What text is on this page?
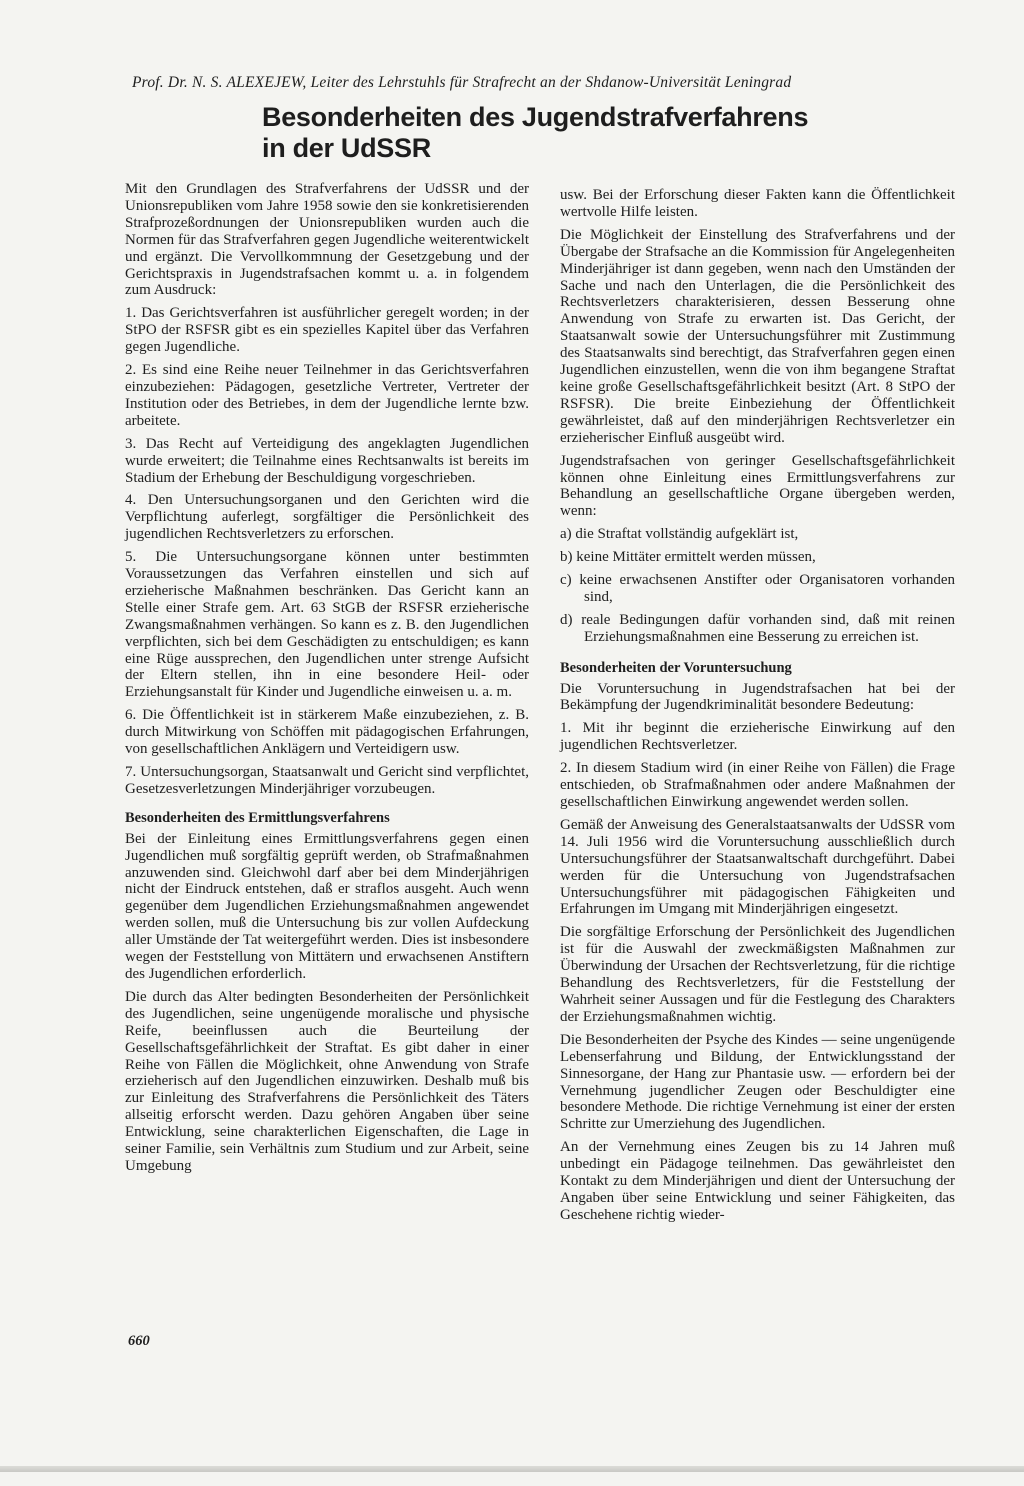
Prof. Dr. N. S. ALEXEJEW, Leiter des Lehrstuhls für Strafrecht an der Shdanow-Universität Leningrad
Besonderheiten des Jugendstrafverfahrens
in der UdSSR

Mit den Grundlagen des Strafverfahrens der UdSSR und der Unionsrepubliken vom Jahre 1958 sowie den sie konkretisierenden Strafprozeßordnungen der Unionsrepubliken wurden auch die Normen für das Strafverfahren gegen Jugendliche weiterentwickelt und ergänzt. Die Vervollkommnung der Gesetzgebung und der Gerichtspraxis in Jugendstrafsachen kommt u. a. in folgendem zum Ausdruck:

1. Das Gerichtsverfahren ist ausführlicher geregelt worden; in der StPO der RSFSR gibt es ein spezielles Kapitel über das Verfahren gegen Jugendliche.

2. Es sind eine Reihe neuer Teilnehmer in das Gerichtsverfahren einzubeziehen: Pädagogen, gesetzliche Vertreter, Vertreter der Institution oder des Betriebes, in dem der Jugendliche lernte bzw. arbeitete.

3. Das Recht auf Verteidigung des angeklagten Jugendlichen wurde erweitert; die Teilnahme eines Rechtsanwalts ist bereits im Stadium der Erhebung der Beschuldigung vorgeschrieben.

4. Den Untersuchungsorganen und den Gerichten wird die Verpflichtung auferlegt, sorgfältiger die Persönlichkeit des jugendlichen Rechtsverletzers zu erforschen.

5. Die Untersuchungsorgane können unter bestimmten Voraussetzungen das Verfahren einstellen und sich auf erzieherische Maßnahmen beschränken. Das Gericht kann an Stelle einer Strafe gem. Art. 63 StGB der RSFSR erzieherische Zwangsmaßnahmen verhängen. So kann es z. B. den Jugendlichen verpflichten, sich bei dem Geschädigten zu entschuldigen; es kann eine Rüge aussprechen, den Jugendlichen unter strenge Aufsicht der Eltern stellen, ihn in eine besondere Heil- oder Erziehungsanstalt für Kinder und Jugendliche einweisen u. a. m.

6. Die Öffentlichkeit ist in stärkerem Maße einzubeziehen, z. B. durch Mitwirkung von Schöffen mit pädagogischen Erfahrungen, von gesellschaftlichen Anklägern und Verteidigern usw.

7. Untersuchungsorgan, Staatsanwalt und Gericht sind verpflichtet, Gesetzesverletzungen Minderjähriger vorzubeugen.

Besonderheiten des Ermittlungsverfahrens

Bei der Einleitung eines Ermittlungsverfahrens gegen einen Jugendlichen muß sorgfältig geprüft werden, ob Strafmaßnahmen anzuwenden sind. Gleichwohl darf aber bei dem Minderjährigen nicht der Eindruck entstehen, daß er straflos ausgeht. Auch wenn gegenüber dem Jugendlichen Erziehungsmaßnahmen angewendet werden sollen, muß die Untersuchung bis zur vollen Aufdeckung aller Umstände der Tat weitergeführt werden. Dies ist insbesondere wegen der Feststellung von Mittätern und erwachsenen Anstiftern des Jugendlichen erforderlich.

Die durch das Alter bedingten Besonderheiten der Persönlichkeit des Jugendlichen, seine ungenügende moralische und physische Reife, beeinflussen auch die Beurteilung der Gesellschaftsgefährlichkeit der Straftat. Es gibt daher in einer Reihe von Fällen die Möglichkeit, ohne Anwendung von Strafe erzieherisch auf den Jugendlichen einzuwirken. Deshalb muß bis zur Einleitung des Strafverfahrens die Persönlichkeit des Täters allseitig erforscht werden. Dazu gehören Angaben über seine Entwicklung, seine charakterlichen Eigenschaften, die Lage in seiner Familie, sein Verhältnis zum Studium und zur Arbeit, seine Umgebung

usw. Bei der Erforschung dieser Fakten kann die Öffentlichkeit wertvolle Hilfe leisten.

Die Möglichkeit der Einstellung des Strafverfahrens und der Übergabe der Strafsache an die Kommission für Angelegenheiten Minderjähriger ist dann gegeben, wenn nach den Umständen der Sache und nach den Unterlagen, die die Persönlichkeit des Rechtsverletzers charakterisieren, dessen Besserung ohne Anwendung von Strafe zu erwarten ist. Das Gericht, der Staatsanwalt sowie der Untersuchungsführer mit Zustimmung des Staatsanwalts sind berechtigt, das Strafverfahren gegen einen Jugendlichen einzustellen, wenn die von ihm begangene Straftat keine große Gesellschaftsgefährlichkeit besitzt (Art. 8 StPO der RSFSR). Die breite Einbeziehung der Öffentlichkeit gewährleistet, daß auf den minderjährigen Rechtsverletzer ein erzieherischer Einfluß ausgeübt wird.

Jugendstrafsachen von geringer Gesellschaftsgefährlichkeit können ohne Einleitung eines Ermittlungsverfahrens zur Behandlung an gesellschaftliche Organe übergeben werden, wenn:

a) die Straftat vollständig aufgeklärt ist,

b) keine Mittäter ermittelt werden müssen,

c) keine erwachsenen Anstifter oder Organisatoren vorhanden sind,

d) reale Bedingungen dafür vorhanden sind, daß mit reinen Erziehungsmaßnahmen eine Besserung zu erreichen ist.

Besonderheiten der Voruntersuchung

Die Voruntersuchung in Jugendstrafsachen hat bei der Bekämpfung der Jugendkriminalität besondere Bedeutung:

1. Mit ihr beginnt die erzieherische Einwirkung auf den jugendlichen Rechtsverletzer.

2. In diesem Stadium wird (in einer Reihe von Fällen) die Frage entschieden, ob Strafmaßnahmen oder andere Maßnahmen der gesellschaftlichen Einwirkung angewendet werden sollen.

Gemäß der Anweisung des Generalstaatsanwalts der UdSSR vom 14. Juli 1956 wird die Voruntersuchung ausschließlich durch Untersuchungsführer der Staatsanwaltschaft durchgeführt. Dabei werden für die Untersuchung von Jugendstrafsachen Untersuchungsführer mit pädagogischen Fähigkeiten und Erfahrungen im Umgang mit Minderjährigen eingesetzt.

Die sorgfältige Erforschung der Persönlichkeit des Jugendlichen ist für die Auswahl der zweckmäßigsten Maßnahmen zur Überwindung der Ursachen der Rechtsverletzung, für die richtige Behandlung des Rechtsverletzers, für die Feststellung der Wahrheit seiner Aussagen und für die Festlegung des Charakters der Erziehungsmaßnahmen wichtig.

Die Besonderheiten der Psyche des Kindes — seine ungenügende Lebenserfahrung und Bildung, der Entwicklungsstand der Sinnesorgane, der Hang zur Phantasie usw. — erfordern bei der Vernehmung jugendlicher Zeugen oder Beschuldigter eine besondere Methode. Die richtige Vernehmung ist einer der ersten Schritte zur Umerziehung des Jugendlichen.

An der Vernehmung eines Zeugen bis zu 14 Jahren muß unbedingt ein Pädagoge teilnehmen. Das gewährleistet den Kontakt zu dem Minderjährigen und dient der Untersuchung der Angaben über seine Entwicklung und seiner Fähigkeiten, das Geschehene richtig wieder-

660
